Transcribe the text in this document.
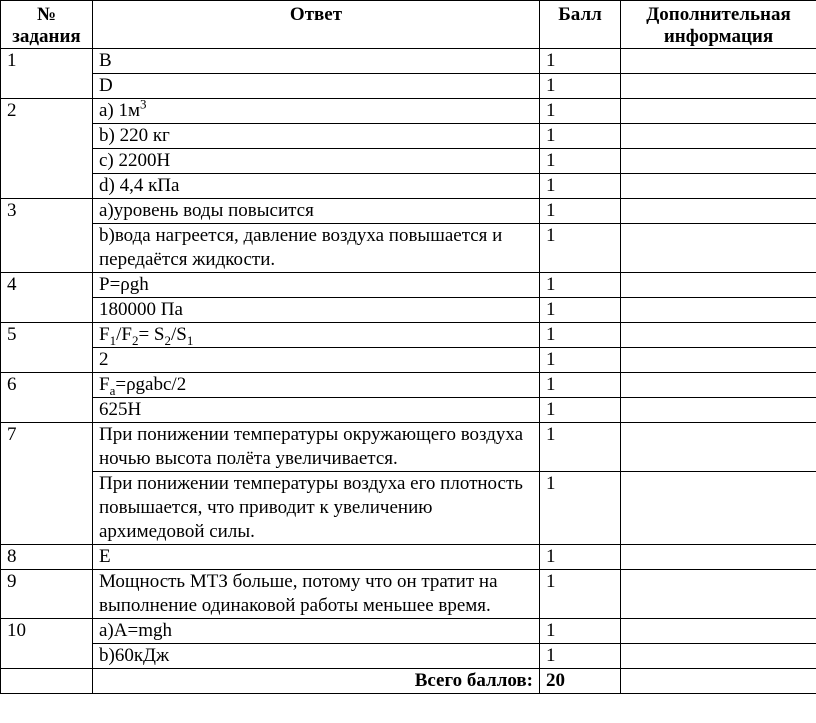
№ задания	Ответ	Балл	Дополнительная информация
1	B	1	
	D	1	
2	a) $1м^3$	1	
	b) 220 кг	1	
	c) 2200Н	1	
	d) 4,4 кПа	1	
3	a)уровень воды повысится	1	
	b)вода нагреется, давление воздуха повышается и передаётся жидкости.	1	
4	P=ρgh	1	
	180000 Па	1	
5	$F_1/F_2= S_2/S_1$	1	
	2	1	
6	$F_a=\rho gabc/2$	1	
	625Н	1	
7	При понижении температуры окружающего воздуха ночью высота полёта увеличивается.	1	
	При понижении температуры воздуха его плотность повышается, что приводит к увеличению архимедовой силы.	1	
8	E	1	
9	Мощность МТЗ больше, потому что он тратит на выполнение одинаковой работы меньшее время.	1	
10	a)A=mgh	1	
	b)60кДж	1	
	Всего баллов:	20	
